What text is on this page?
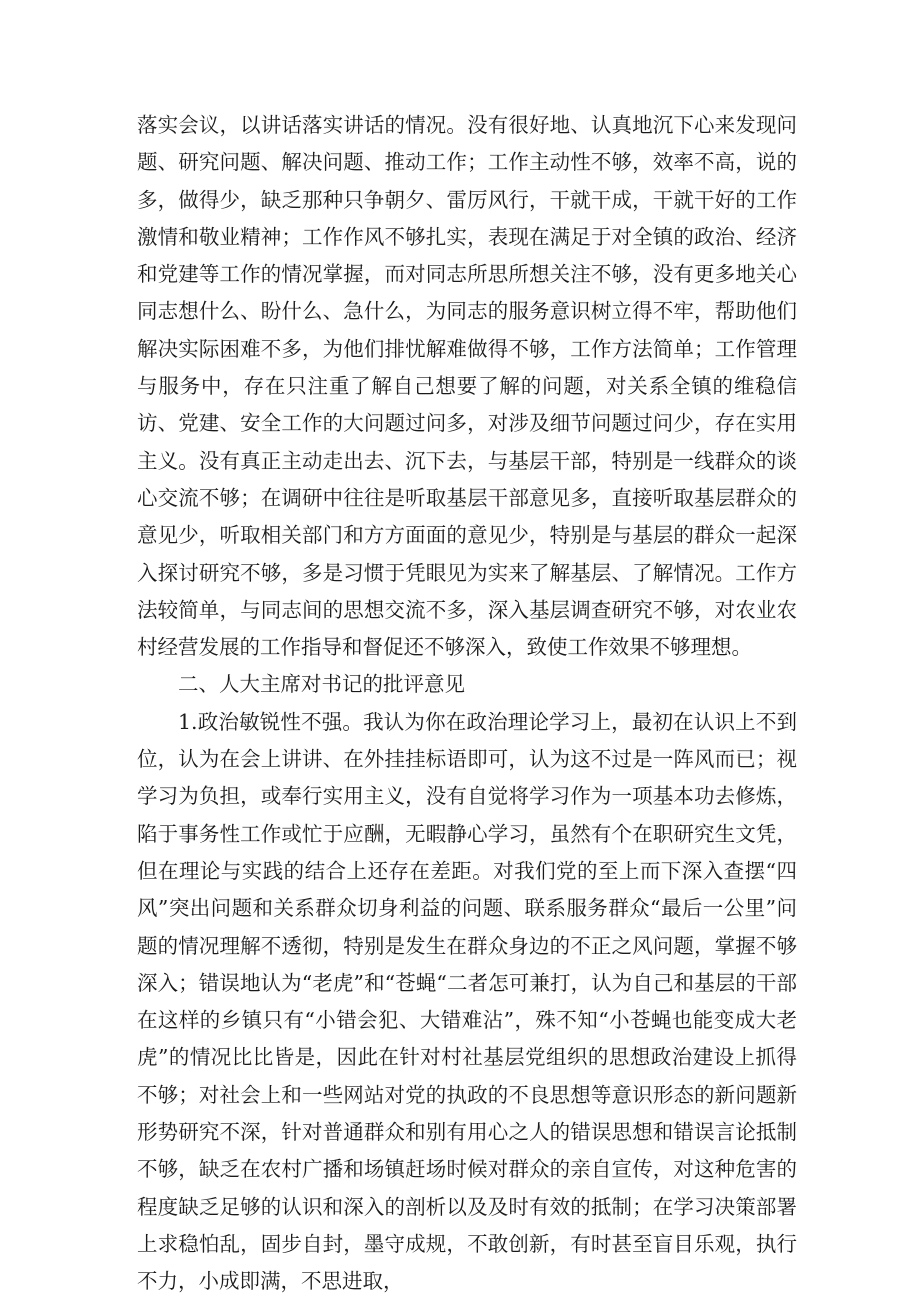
落实会议，以讲话落实讲话的情况。没有很好地、认真地沉下心来发现问题、研究问题、解决问题、推动工作；工作主动性不够，效率不高，说的多，做得少，缺乏那种只争朝夕、雷厉风行，干就干成，干就干好的工作激情和敬业精神；工作作风不够扎实，表现在满足于对全镇的政治、经济和党建等工作的情况掌握，而对同志所思所想关注不够，没有更多地关心同志想什么、盼什么、急什么，为同志的服务意识树立得不牢，帮助他们解决实际困难不多，为他们排忧解难做得不够，工作方法简单；工作管理与服务中，存在只注重了解自己想要了解的问题，对关系全镇的维稳信访、党建、安全工作的大问题过问多，对涉及细节问题过问少，存在实用主义。没有真正主动走出去、沉下去，与基层干部，特别是一线群众的谈心交流不够；在调研中往往是听取基层干部意见多，直接听取基层群众的意见少，听取相关部门和方方面面的意见少，特别是与基层的群众一起深入探讨研究不够，多是习惯于凭眼见为实来了解基层、了解情况。工作方法较简单，与同志间的思想交流不多，深入基层调查研究不够，对农业农村经营发展的工作指导和督促还不够深入，致使工作效果不够理想。

二、人大主席对书记的批评意见

1.政治敏锐性不强。我认为你在政治理论学习上，最初在认识上不到位，认为在会上讲讲、在外挂挂标语即可，认为这不过是一阵风而已；视学习为负担，或奉行实用主义，没有自觉将学习作为一项基本功去修炼，陷于事务性工作或忙于应酬，无暇静心学习，虽然有个在职研究生文凭，但在理论与实践的结合上还存在差距。对我们党的至上而下深入查摆“四风”突出问题和关系群众切身利益的问题、联系服务群众“最后一公里”问题的情况理解不透彻，特别是发生在群众身边的不正之风问题，掌握不够深入；错误地认为“老虎”和“苍蝇“二者怎可兼打，认为自己和基层的干部在这样的乡镇只有“小错会犯、大错难沾”，殊不知“小苍蝇也能变成大老虎”的情况比比皆是，因此在针对村社基层党组织的思想政治建设上抓得不够；对社会上和一些网站对党的执政的不良思想等意识形态的新问题新形势研究不深，针对普通群众和别有用心之人的错误思想和错误言论抵制不够，缺乏在农村广播和场镇赶场时候对群众的亲自宣传，对这种危害的程度缺乏足够的认识和深入的剖析以及及时有效的抵制；在学习决策部署上求稳怕乱，固步自封，墨守成规，不敢创新，有时甚至盲目乐观，执行不力，小成即满，不思进取，
